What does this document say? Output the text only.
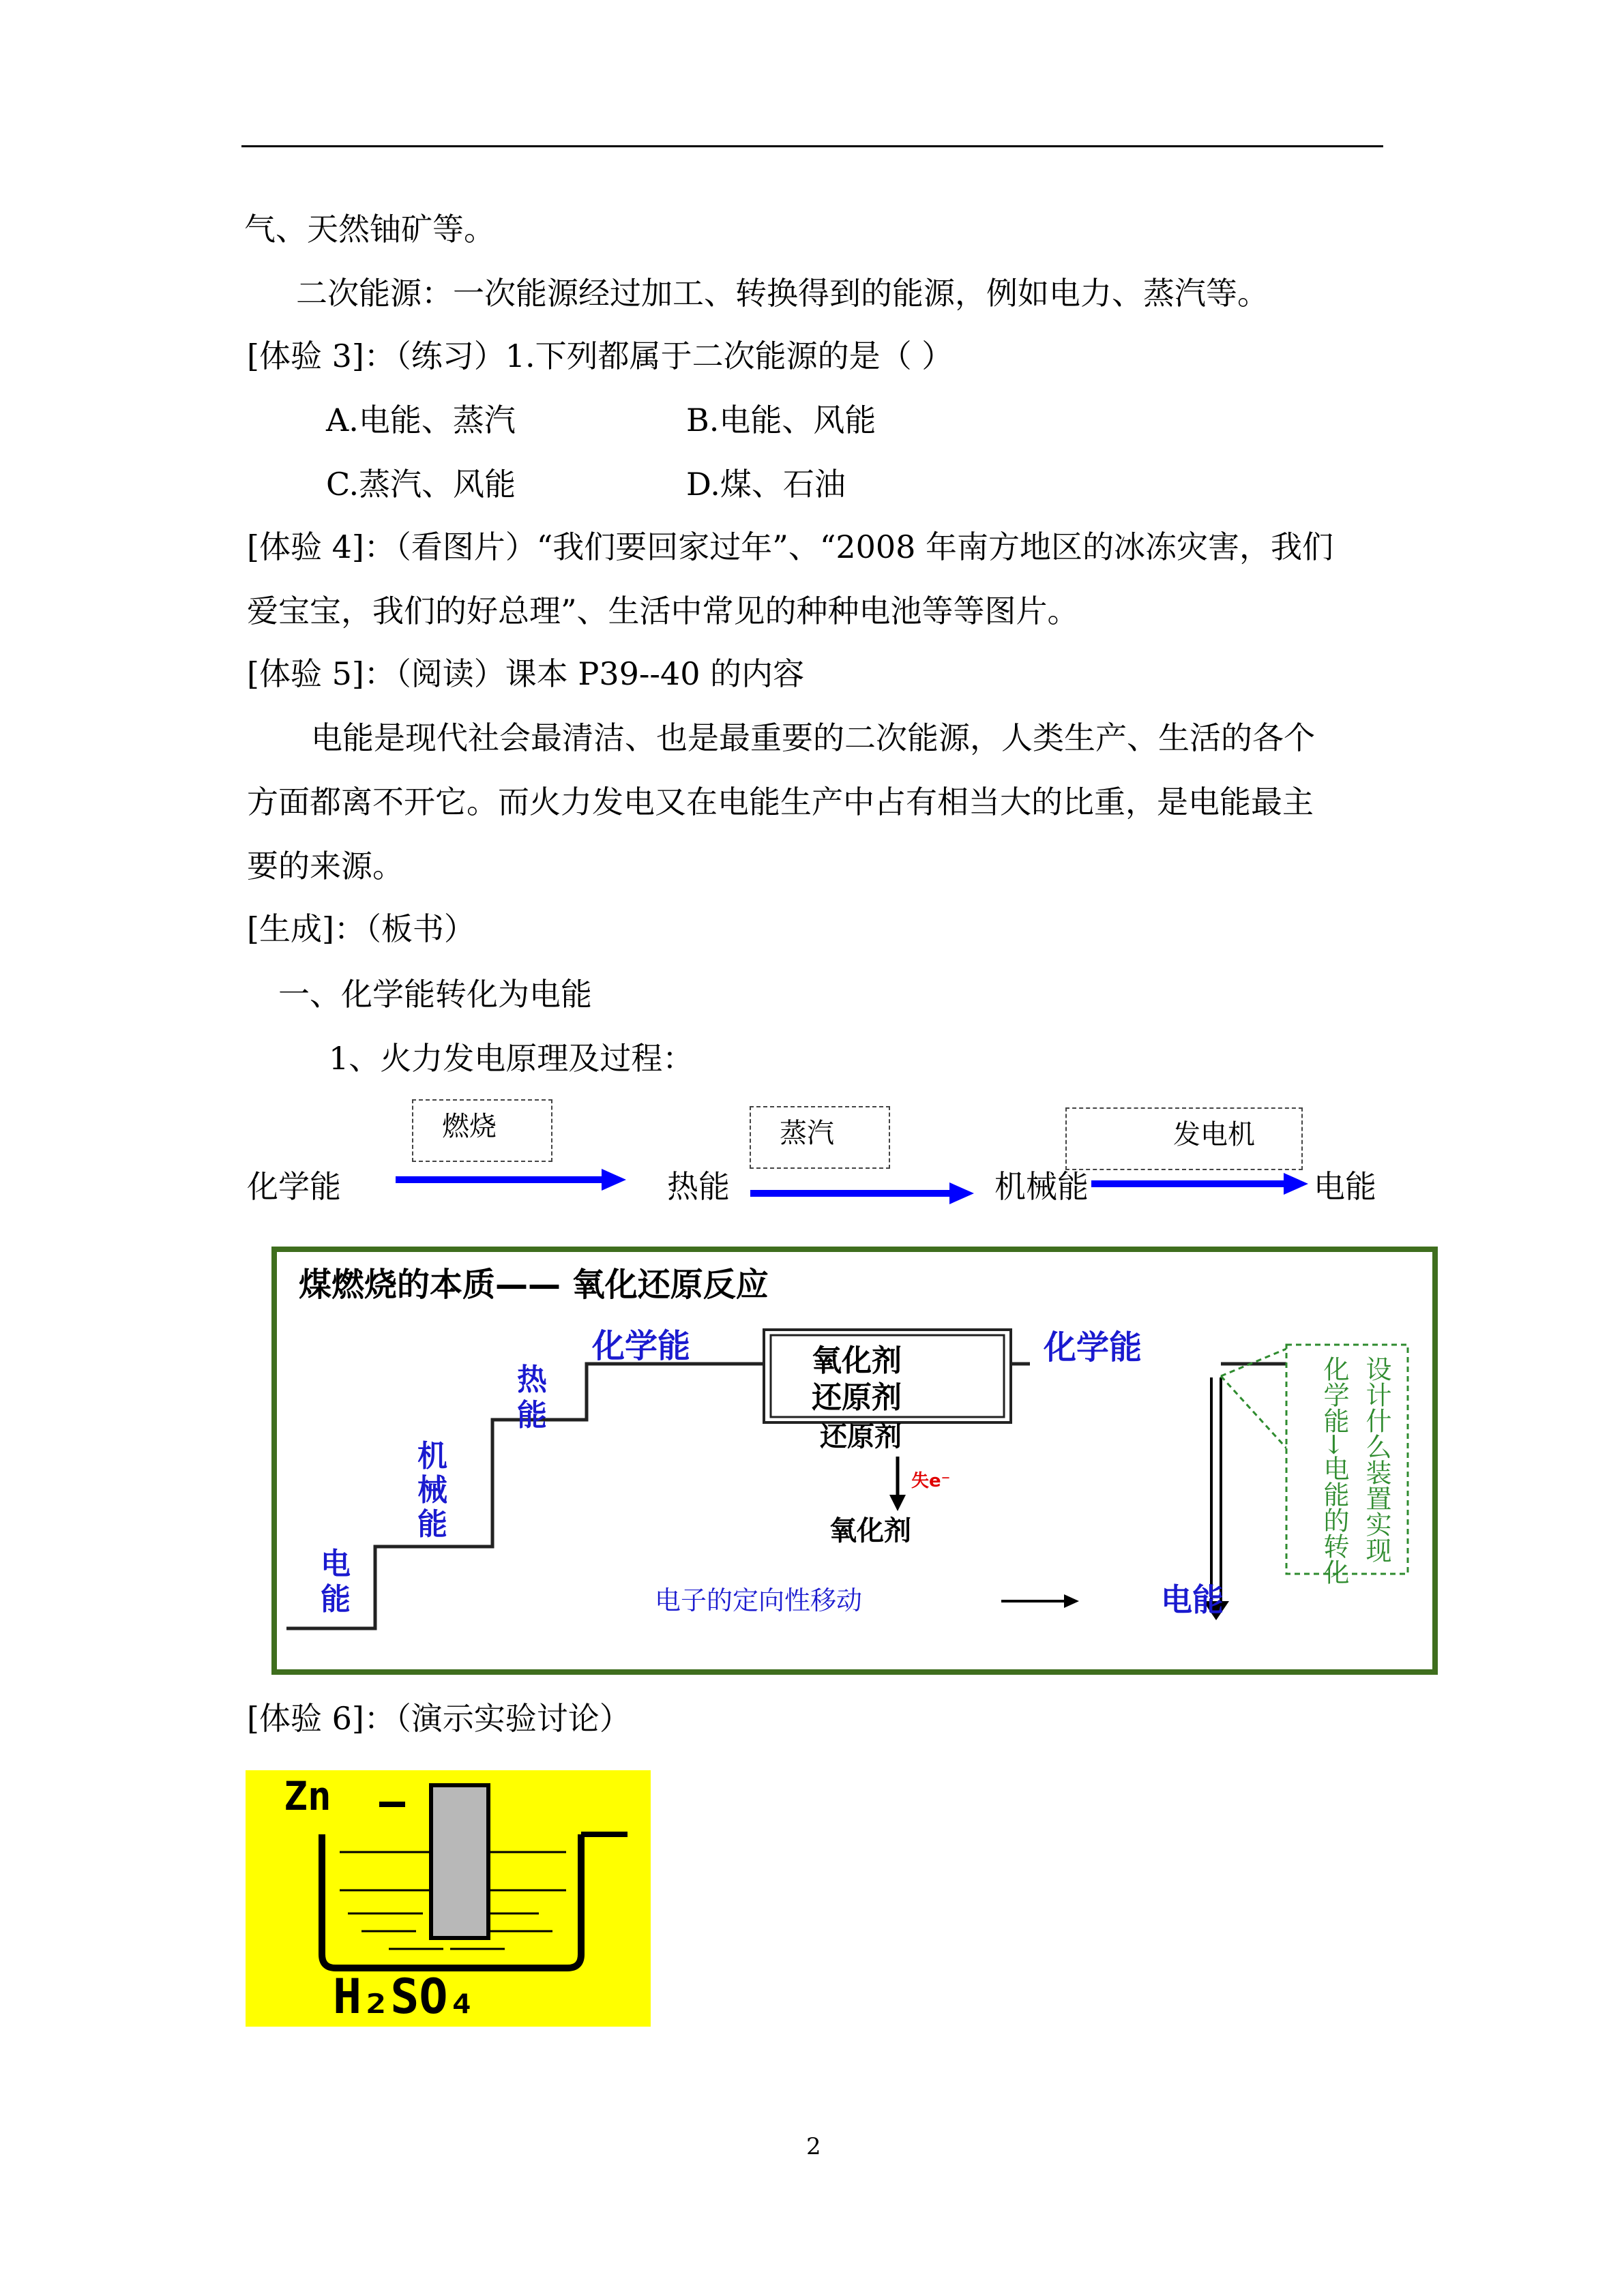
气、天然铀矿等。
二次能源：一次能源经过加工、转换得到的能源，例如电力、蒸汽等。
[体验 3]：（练习）1.下列都属于二次能源的是（ ）
A.电能、蒸汽	B.电能、风能
C.蒸汽、风能	D.煤、石油
[体验 4]：（看图片）“我们要回家过年”、“2008 年南方地区的冰冻灾害，我们
爱宝宝，我们的好总理”、生活中常见的种种电池等等图片。
[体验 5]：（阅读）课本 P39--40 的内容
电能是现代社会最清洁、也是最重要的二次能源，人类生产、生活的各个
方面都离不开它。而火力发电又在电能生产中占有相当大的比重，是电能最主
要的来源。
[生成]：（板书）
一、化学能转化为电能
1、火力发电原理及过程：
燃烧	蒸汽	发电机
化学能	热能	机械能	电能
煤燃烧的本质—— 氧化还原反应
电
能
机
械
能
热
能
化学能	氧化剂
还原剂
还原剂
失e⁻
氧化剂
化学能
电子的定向性移动	电能
设计什么装置实现
化学能→电能的转化
[体验 6]：（演示实验讨论）
Zn
H₂SO₄
2
